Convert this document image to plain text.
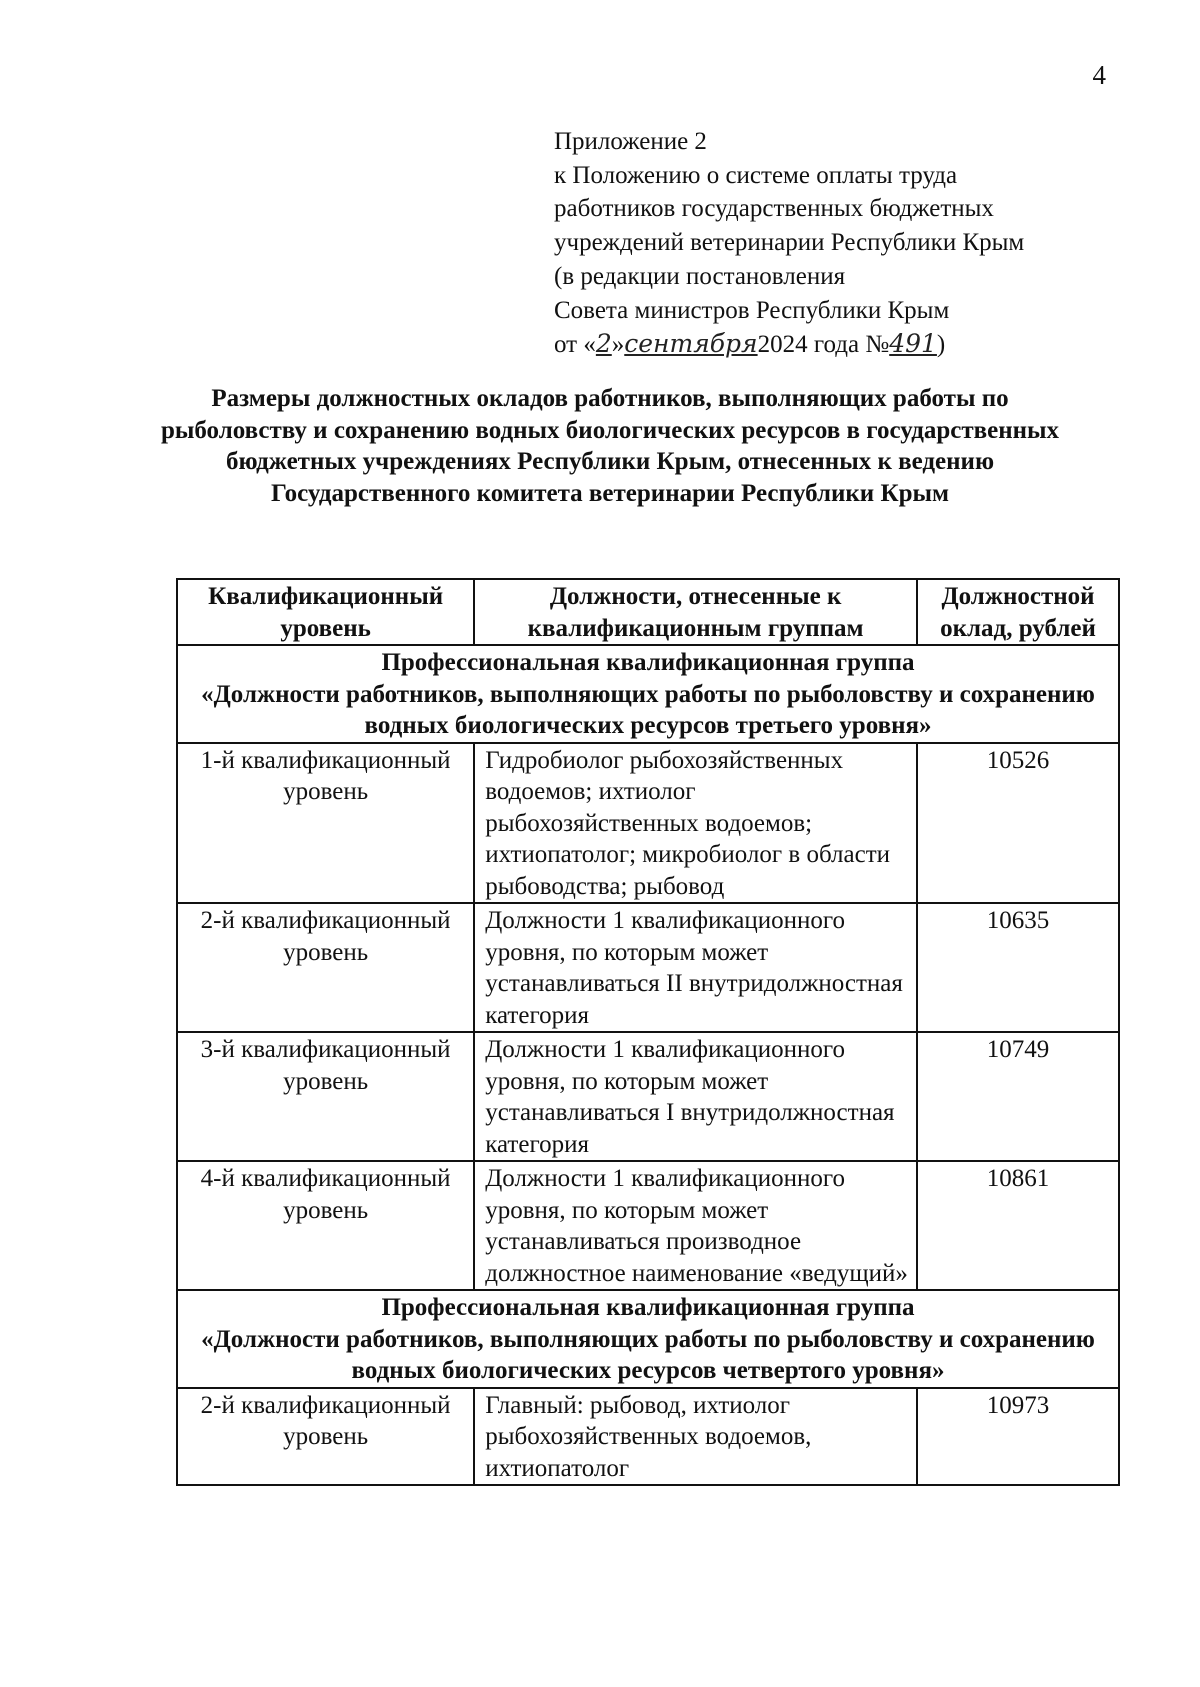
4
Приложение 2
к Положению о системе оплаты труда
работников государственных бюджетных
учреждений ветеринарии Республики Крым
(в редакции постановления
Совета министров Республики Крым
от «2»сентября2024 года №491)
Размеры должностных окладов работников, выполняющих работы по рыболовству и сохранению водных биологических ресурсов в государственных бюджетных учреждениях Республики Крым, отнесенных к ведению Государственного комитета ветеринарии Республики Крым
Квалификационный уровень	Должности, отнесенные к квалификационным группам	Должностной оклад, рублей

Профессиональная квалификационная группа
«Должности работников, выполняющих работы по рыболовству и сохранению водных биологических ресурсов третьего уровня»		

1-й квалификационный уровень	Гидробиолог рыбохозяйственных водоемов; ихтиолог рыбохозяйственных водоемов; ихтиопатолог; микробиолог в области рыбоводства; рыбовод	10526
2-й квалификационный уровень	Должности 1 квалификационного уровня, по которым может устанавливаться II внутридолжностная категория	10635
3-й квалификационный уровень	Должности 1 квалификационного уровня, по которым может устанавливаться I внутридолжностная категория	10749
4-й квалификационный уровень	Должности 1 квалификационного уровня, по которым может устанавливаться производное должностное наименование «ведущий»	10861

Профессиональная квалификационная группа
«Должности работников, выполняющих работы по рыболовству и сохранению водных биологических ресурсов четвертого уровня»		

2-й квалификационный уровень	Главный: рыбовод, ихтиолог рыбохозяйственных водоемов, ихтиопатолог	10973
